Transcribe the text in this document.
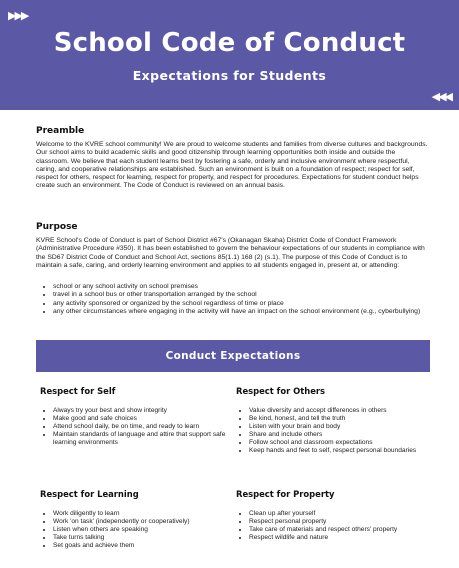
▶▶▶
School Code of Conduct
Expectations for Students
◀◀◀
Preamble
Welcome to the KVRE school community! We are proud to welcome students and families from diverse cultures and backgrounds. Our school aims to build academic skills and good citizenship through learning opportunities both inside and outside the classroom. We believe that each student learns best by fostering a safe, orderly and inclusive environment where respectful, caring, and cooperative relationships are established. Such an environment is built on a foundation of respect; respect for self, respect for others, respect for learning, respect for property, and respect for procedures. Expectations for student conduct helps create such an environment. The Code of Conduct is reviewed on an annual basis.
Purpose
KVRE School's Code of Conduct is part of School District #67's (Okanagan Skaha) District Code of Conduct Framework (Administrative Procedure #350). It has been established to govern the behaviour expectations of our students in compliance with the SD67 District Code of Conduct and School Act, sections 85(1.1) 168 (2) (s.1). The purpose of this Code of Conduct is to maintain a safe, caring, and orderly learning environment and applies to all students engaged in, present at, or attending:
• school or any school activity on school premises
• travel in a school bus or other transportation arranged by the school
• any activity sponsored or organized by the school regardless of time or place
• any other circumstances where engaging in the activity will have an impact on the school environment (e.g., cyberbullying)
Conduct Expectations
Respect for Self
• Always try your best and show integrity
• Make good and safe choices
• Attend school daily, be on time, and ready to learn
• Maintain standards of language and attire that support safe learning environments
Respect for Others
• Value diversity and accept differences in others
• Be kind, honest, and tell the truth
• Listen with your brain and body
• Share and include others
• Follow school and classroom expectations
• Keep hands and feet to self, respect personal boundaries
Respect for Learning
• Work diligently to learn
• Work 'on task' (independently or cooperatively)
• Listen when others are speaking
• Take turns talking
• Set goals and achieve them
Respect for Property
• Clean up after yourself
• Respect personal property
• Take care of materials and respect others' property
• Respect wildlife and nature
